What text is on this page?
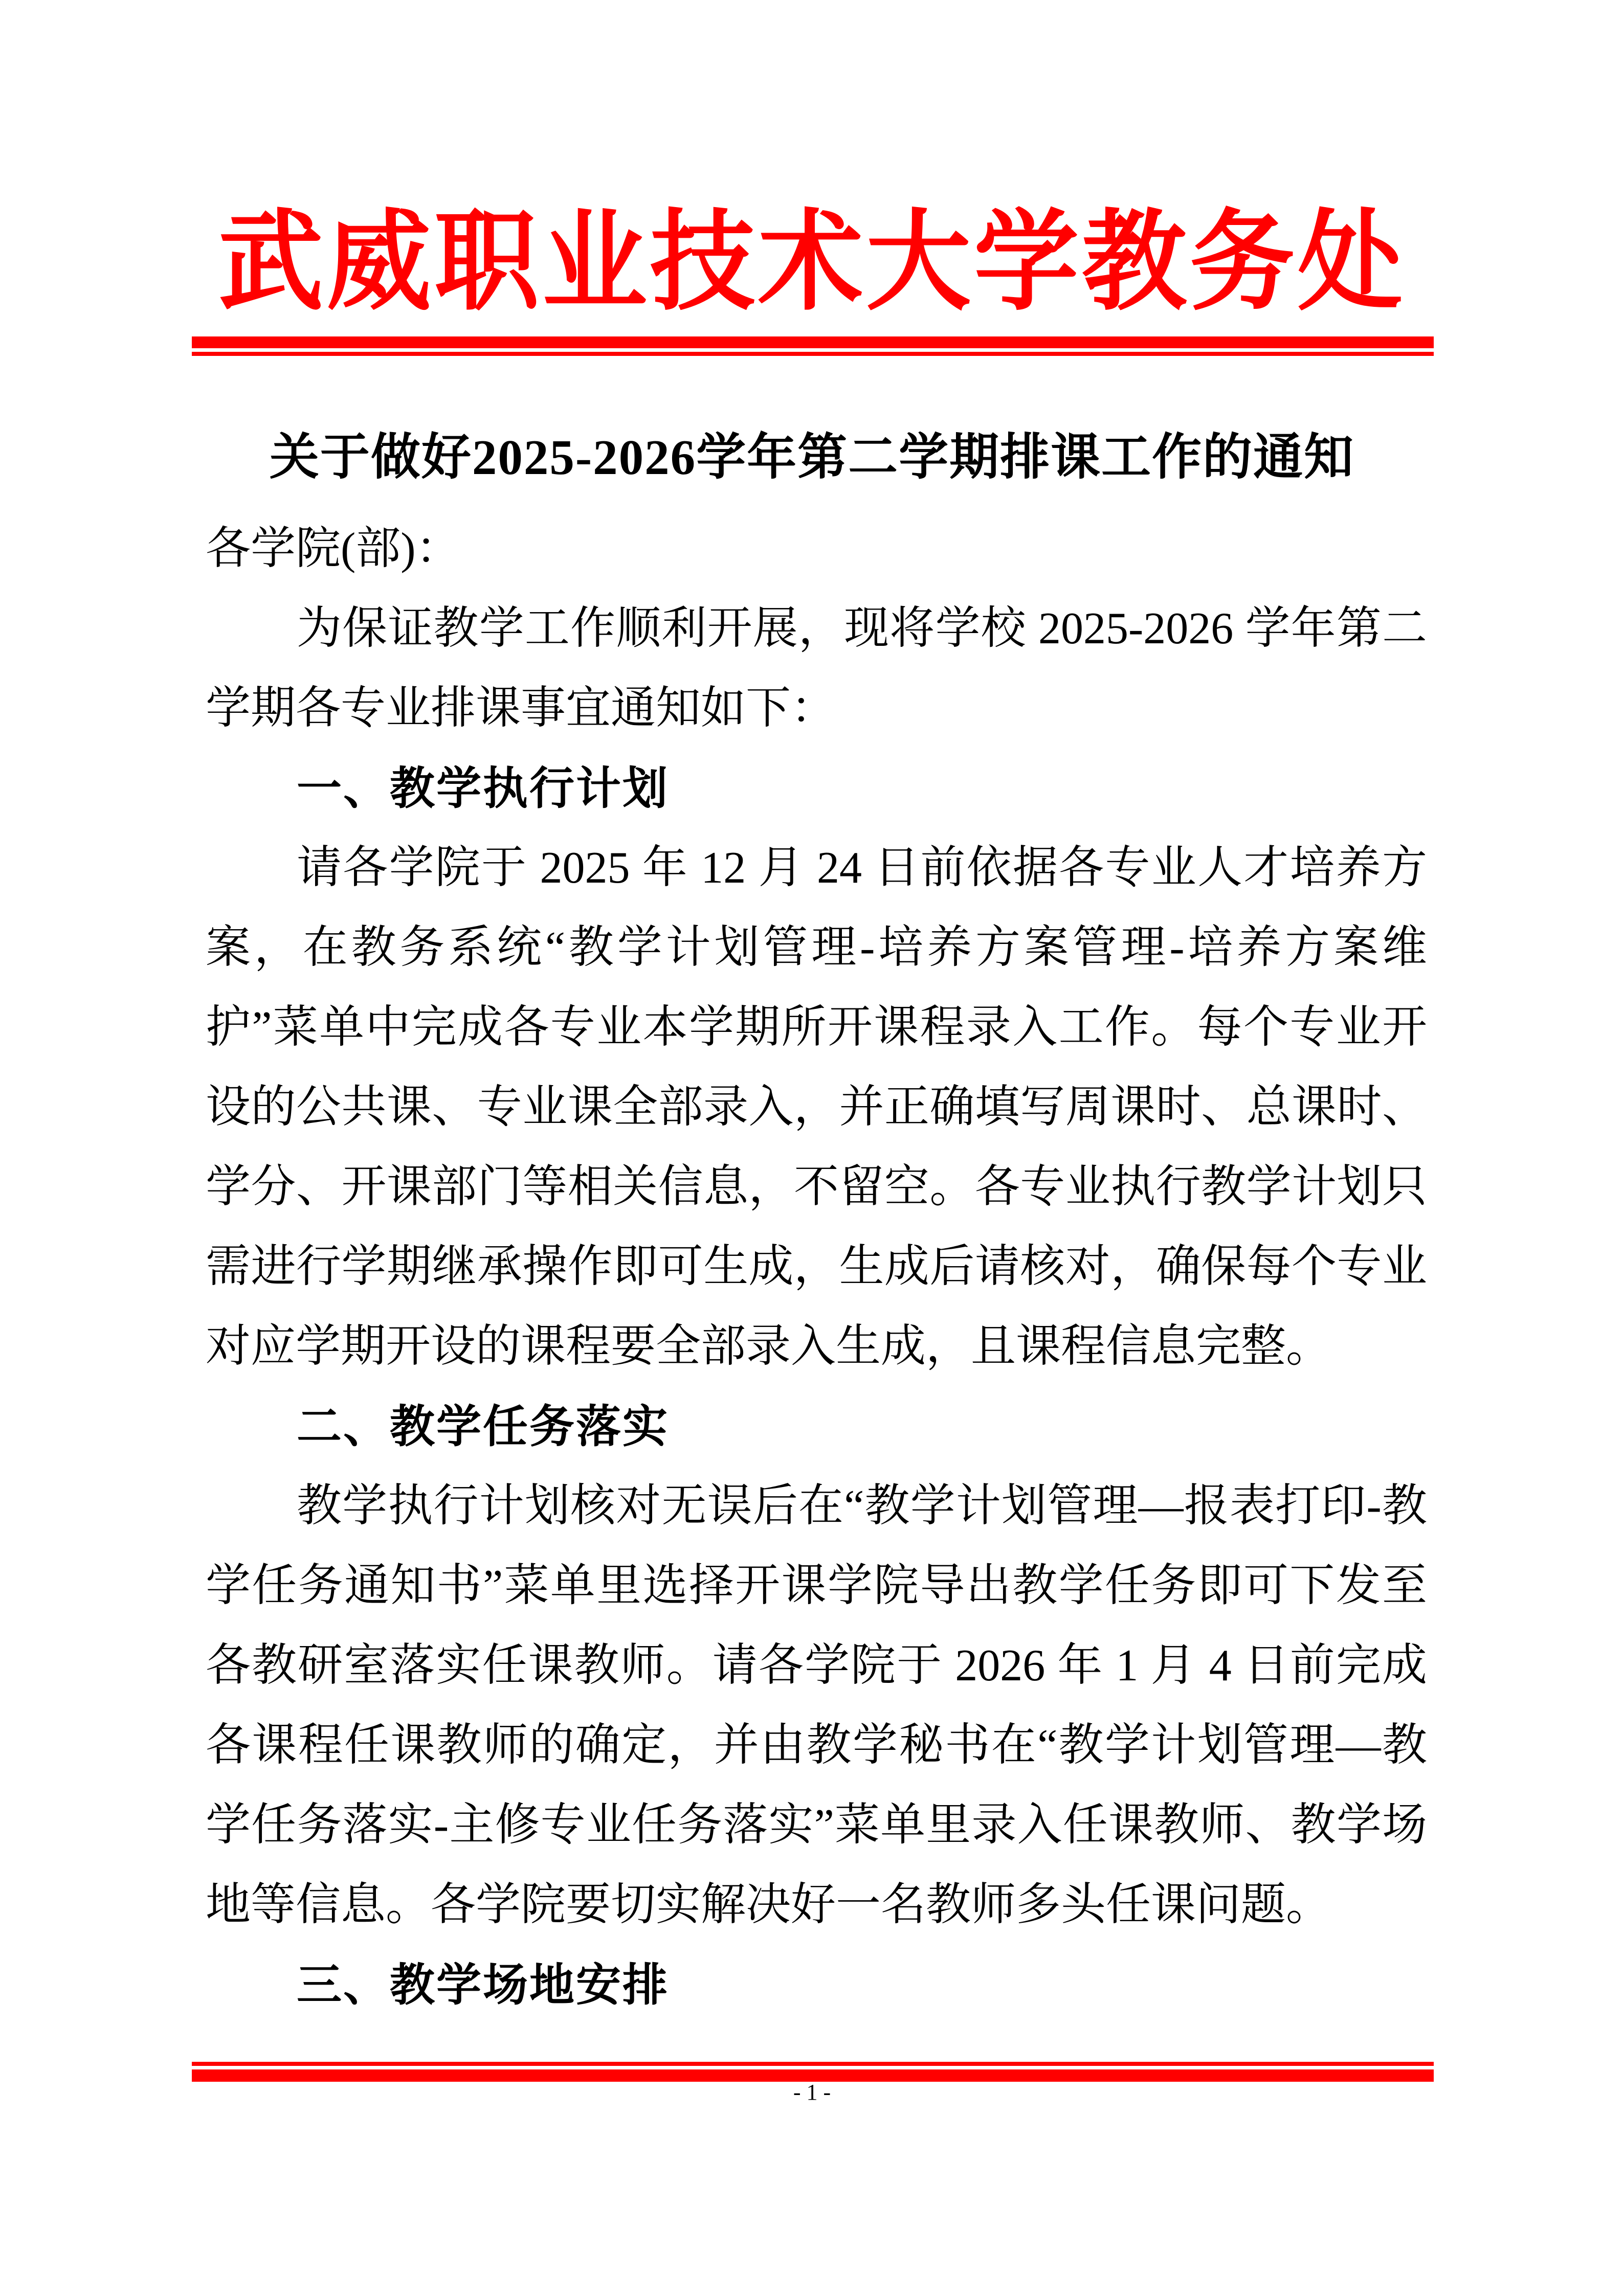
武威职业技术大学教务处
关于做好2025-2026学年第二学期排课工作的通知

各学院(部)：

为保证教学工作顺利开展，现将学校 2025-2026 学年第二学期各专业排课事宜通知如下：

一、教学执行计划

请各学院于 2025 年 12 月 24 日前依据各专业人才培养方案，在教务系统“教学计划管理-培养方案管理-培养方案维护”菜单中完成各专业本学期所开课程录入工作。每个专业开设的公共课、专业课全部录入，并正确填写周课时、总课时、学分、开课部门等相关信息，不留空。各专业执行教学计划只需进行学期继承操作即可生成，生成后请核对，确保每个专业对应学期开设的课程要全部录入生成，且课程信息完整。

二、教学任务落实

教学执行计划核对无误后在“教学计划管理—报表打印-教学任务通知书”菜单里选择开课学院导出教学任务即可下发至各教研室落实任课教师。请各学院于 2026 年 1 月 4 日前完成各课程任课教师的确定，并由教学秘书在“教学计划管理—教学任务落实-主修专业任务落实”菜单里录入任课教师、教学场地等信息。各学院要切实解决好一名教师多头任课问题。

三、教学场地安排

- 1 -
